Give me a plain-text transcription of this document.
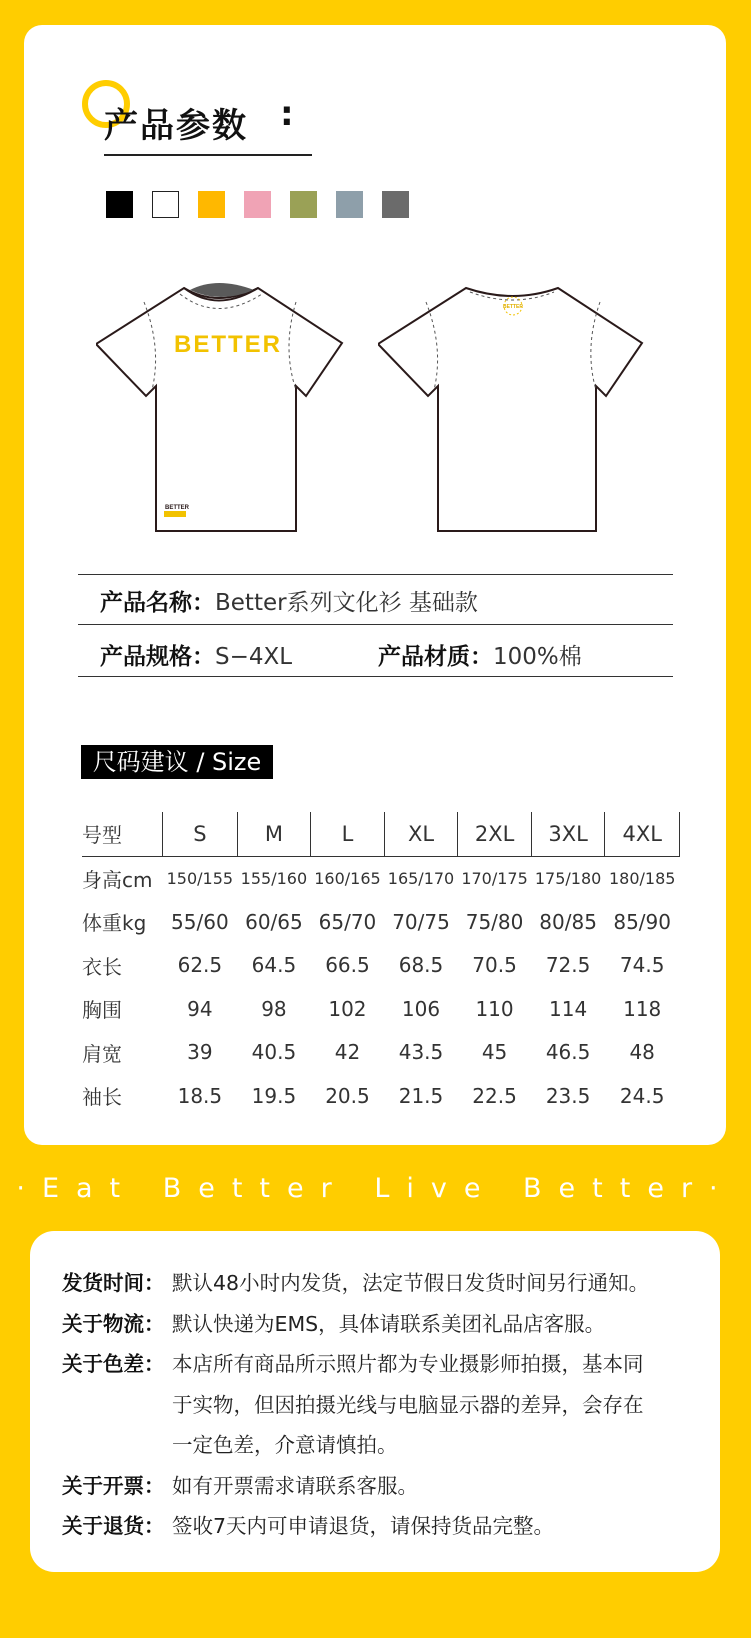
产品参数 :
BETTER
BETTER
BETTER
产品名称：Better系列文化衫 基础款
产品规格：S−4XL	产品材质：100%棉
尺码建议 / Size
号型	S	M	L	XL	2XL	3XL	4XL
身高cm	150/155	155/160	160/165	165/170	170/175	175/180	180/185
体重kg	55/60	60/65	65/70	70/75	75/80	80/85	85/90
衣长	62.5	64.5	66.5	68.5	70.5	72.5	74.5
胸围	94	98	102	106	110	114	118
肩宽	39	40.5	42	43.5	45	46.5	48
袖长	18.5	19.5	20.5	21.5	22.5	23.5	24.5
·Eat Better Live Better·
发货时间： 默认48小时内发货，法定节假日发货时间另行通知。
关于物流： 默认快递为EMS，具体请联系美团礼品店客服。
关于色差： 本店所有商品所示照片都为专业摄影师拍摄，基本同
于实物，但因拍摄光线与电脑显示器的差异，会存在
一定色差，介意请慎拍。
关于开票： 如有开票需求请联系客服。
关于退货： 签收7天内可申请退货，请保持货品完整。
